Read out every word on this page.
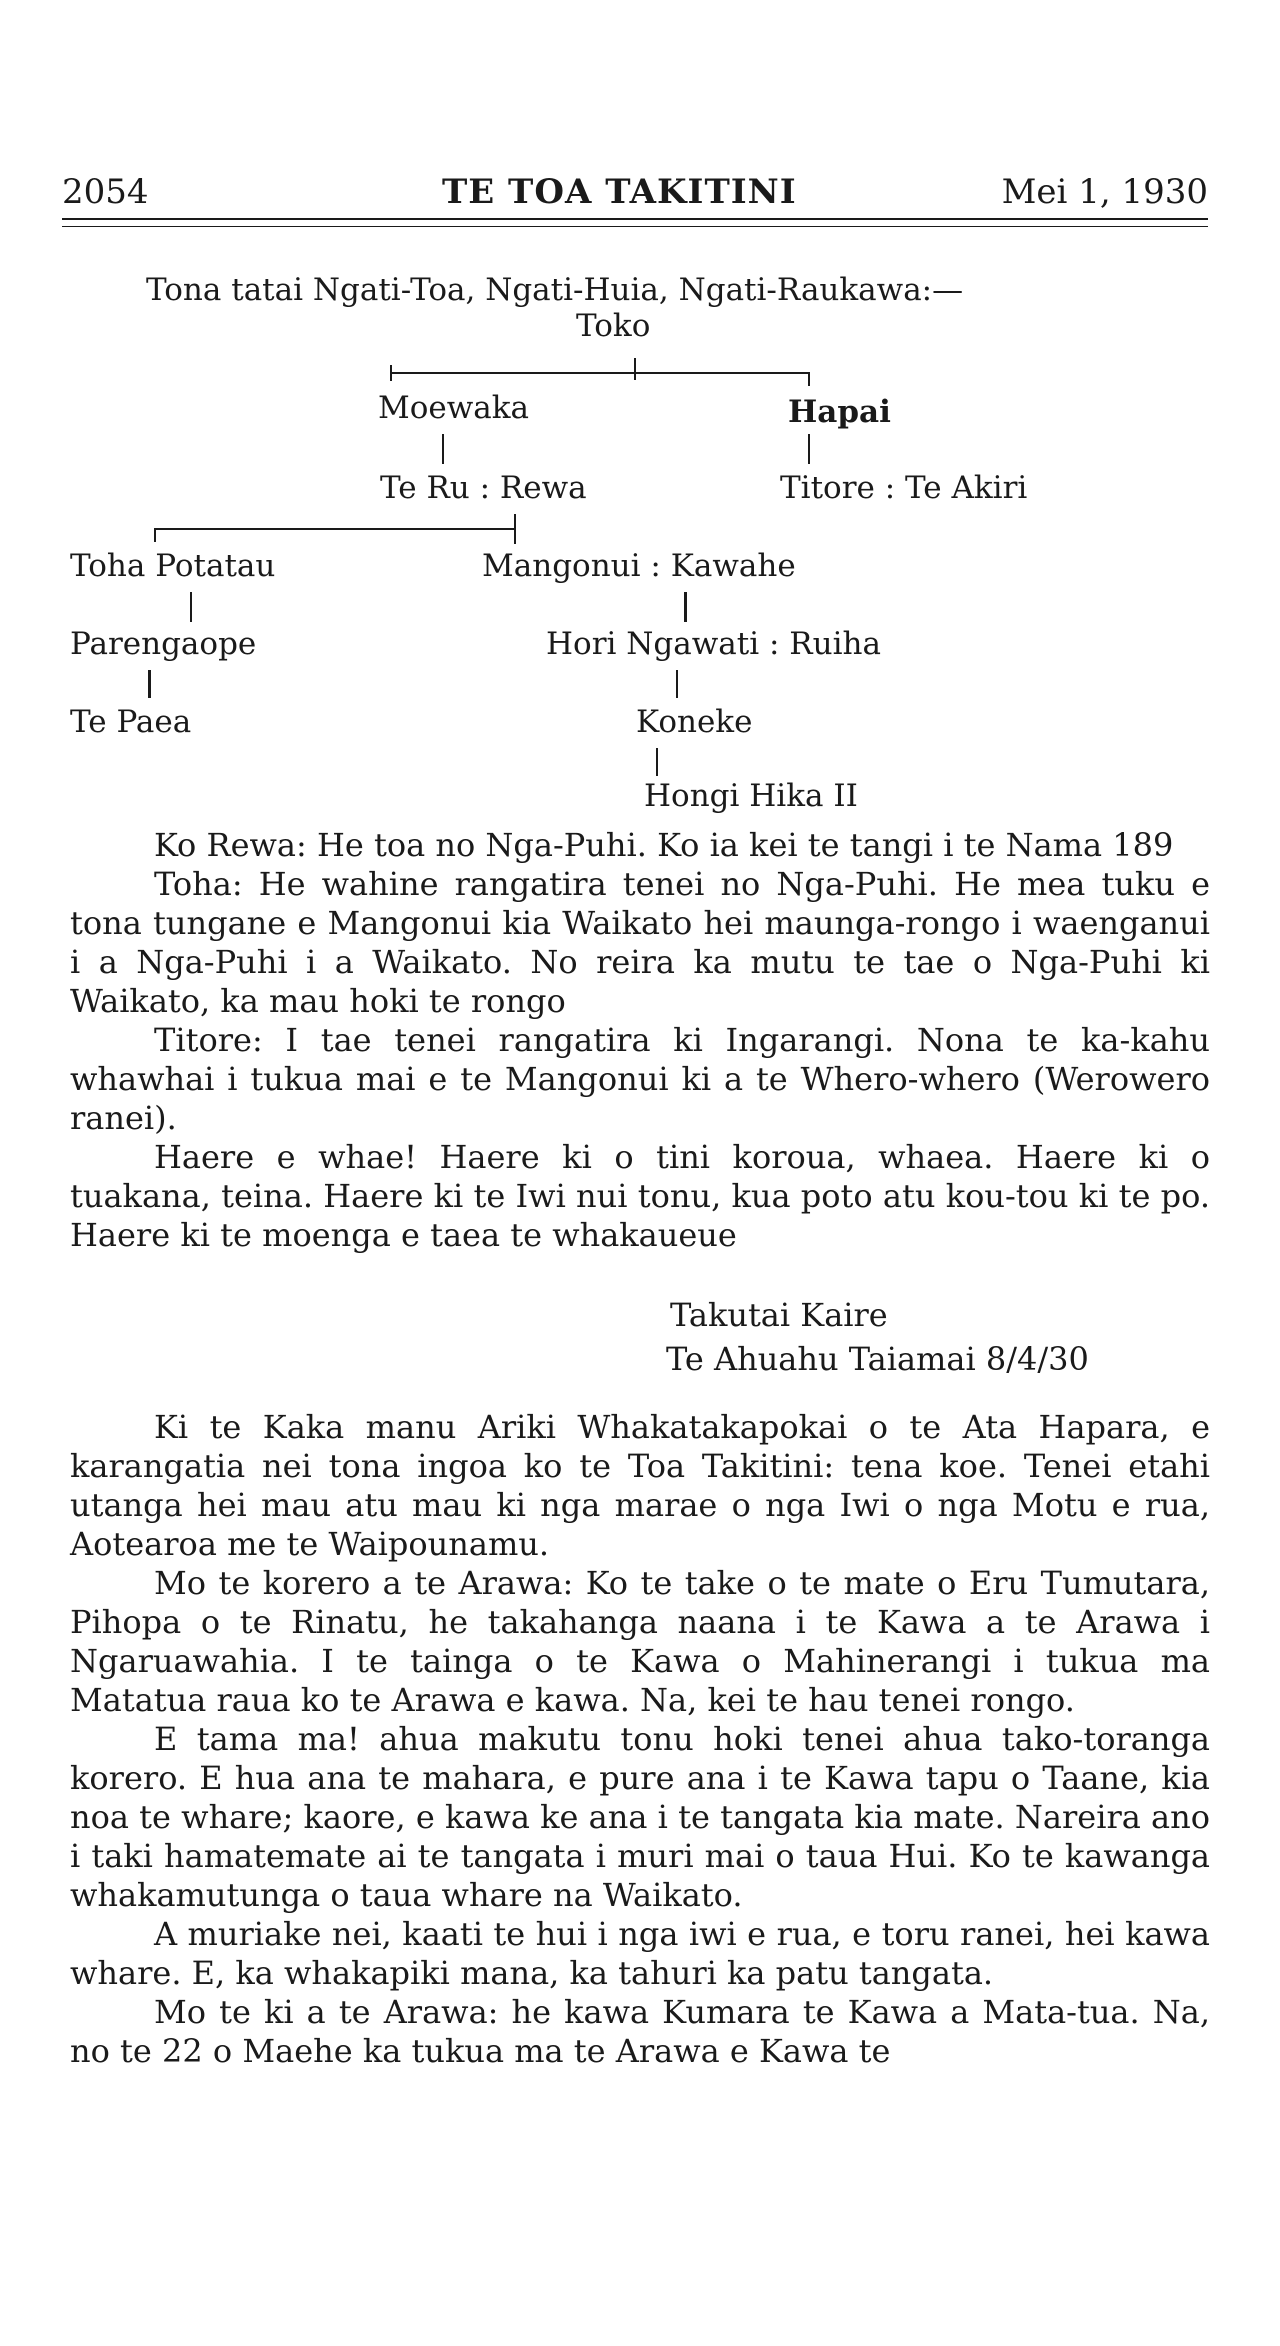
2054	TE TOA TAKITINI	Mei 1, 1930
Tona tatai Ngati-Toa, Ngati-Huia, Ngati-Raukawa:—
Toko
Moewaka	Hapai
Te Ru : Rewa	Titore : Te Akiri
Toha Potatau	Mangonui : Kawahe
Parengaope	Hori Ngawati : Ruiha
Te Paea	Koneke
Hongi Hika II

Ko Rewa: He toa no Nga-Puhi. Ko ia kei te tangi i te Nama 189

Toha: He wahine rangatira tenei no Nga-Puhi. He mea tuku e tona tungane e Mangonui kia Waikato hei maunga-rongo i waenganui i a Nga-Puhi i a Waikato. No reira ka mutu te tae o Nga-Puhi ki Waikato, ka mau hoki te rongo

Titore: I tae tenei rangatira ki Ingarangi. Nona te ka-kahu whawhai i tukua mai e te Mangonui ki a te Whero-whero (Werowero ranei).

Haere e whae! Haere ki o tini koroua, whaea. Haere ki o tuakana, teina. Haere ki te Iwi nui tonu, kua poto atu kou-tou ki te po. Haere ki te moenga e taea te whakaueue

Takutai Kaire
Te Ahuahu Taiamai 8/4/30

Ki te Kaka manu Ariki Whakatakapokai o te Ata Hapara, e karangatia nei tona ingoa ko te Toa Takitini: tena koe. Tenei etahi utanga hei mau atu mau ki nga marae o nga Iwi o nga Motu e rua, Aotearoa me te Waipounamu.

Mo te korero a te Arawa: Ko te take o te mate o Eru Tumutara, Pihopa o te Rinatu, he takahanga naana i te Kawa a te Arawa i Ngaruawahia. I te tainga o te Kawa o Mahinerangi i tukua ma Matatua raua ko te Arawa e kawa. Na, kei te hau tenei rongo.

E tama ma! ahua makutu tonu hoki tenei ahua tako-toranga korero. E hua ana te mahara, e pure ana i te Kawa tapu o Taane, kia noa te whare; kaore, e kawa ke ana i te tangata kia mate. Nareira ano i taki hamatemate ai te tangata i muri mai o taua Hui. Ko te kawanga whakamutunga o taua whare na Waikato.

A muriake nei, kaati te hui i nga iwi e rua, e toru ranei, hei kawa whare. E, ka whakapiki mana, ka tahuri ka patu tangata.

Mo te ki a te Arawa: he kawa Kumara te Kawa a Mata-tua. Na, no te 22 o Maehe ka tukua ma te Arawa e Kawa te
